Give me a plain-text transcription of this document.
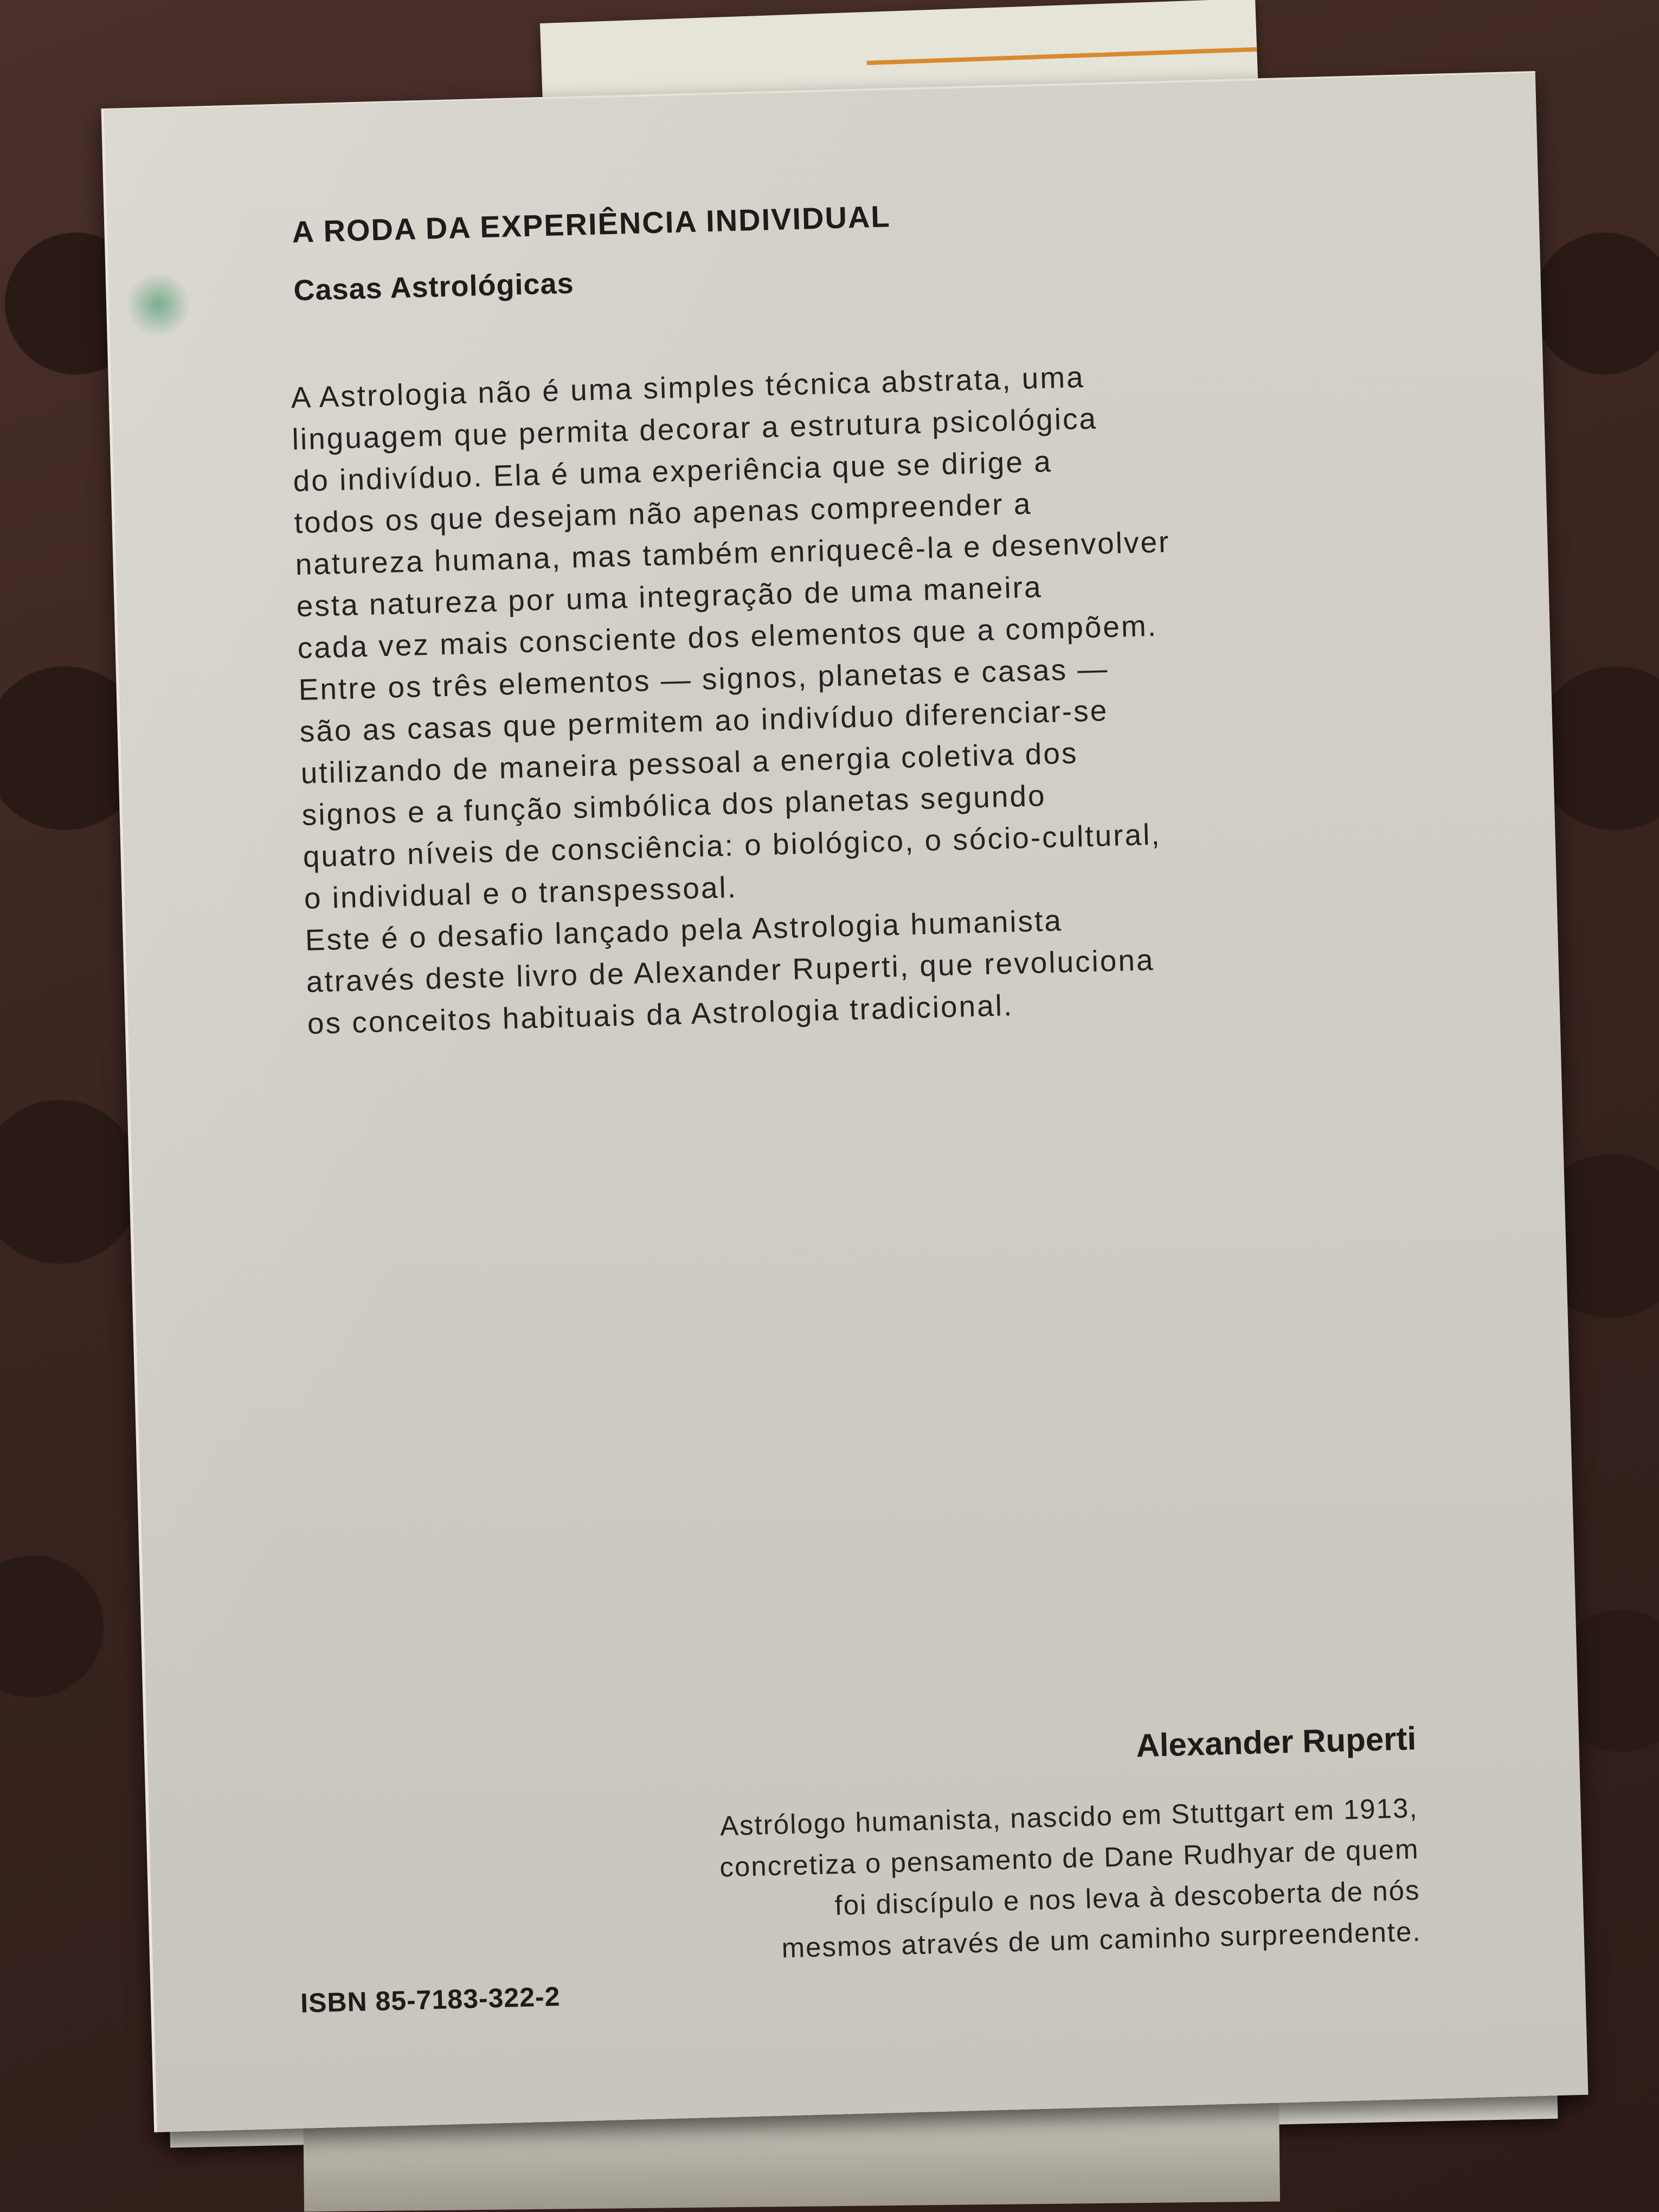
A RODA DA EXPERIÊNCIA INDIVIDUAL
Casas Astrológicas
A Astrologia não é uma simples técnica abstrata, uma
linguagem que permita decorar a estrutura psicológica
do indivíduo. Ela é uma experiência que se dirige a
todos os que desejam não apenas compreender a
natureza humana, mas também enriquecê-la e desenvolver
esta natureza por uma integração de uma maneira
cada vez mais consciente dos elementos que a compõem.
Entre os três elementos — signos, planetas e casas —
são as casas que permitem ao indivíduo diferenciar-se
utilizando de maneira pessoal a energia coletiva dos
signos e a função simbólica dos planetas segundo
quatro níveis de consciência: o biológico, o sócio-cultural,
o individual e o transpessoal.
Este é o desafio lançado pela Astrologia humanista
através deste livro de Alexander Ruperti, que revoluciona
os conceitos habituais da Astrologia tradicional.

Alexander Ruperti

Astrólogo humanista, nascido em Stuttgart em 1913,
concretiza o pensamento de Dane Rudhyar de quem
foi discípulo e nos leva à descoberta de nós
mesmos através de um caminho surpreendente.

ISBN 85-7183-322-2
